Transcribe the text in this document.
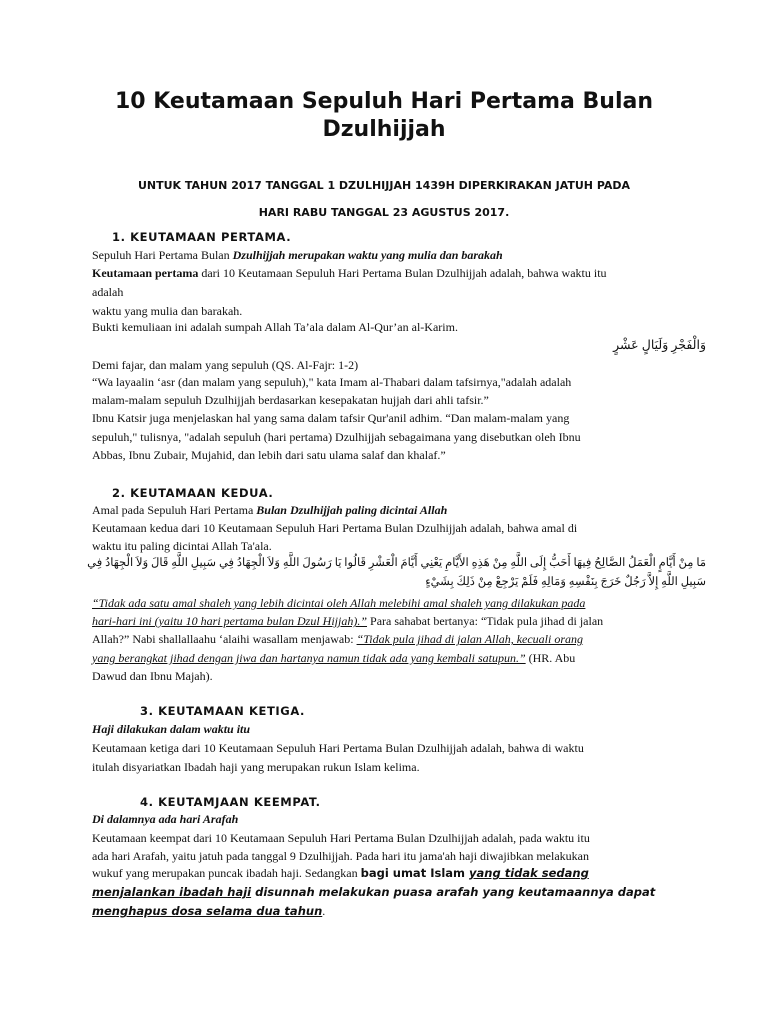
10 Keutamaan Sepuluh Hari Pertama Bulan
Dzulhijjah
UNTUK TAHUN 2017 TANGGAL 1 DZULHIJJAH 1439H DIPERKIRAKAN JATUH PADA
HARI RABU TANGGAL 23 AGUSTUS 2017.
1. KEUTAMAAN PERTAMA.
Sepuluh Hari Pertama Bulan Dzulhijjah merupakan waktu yang mulia dan barakah
Keutamaan pertama dari 10 Keutamaan Sepuluh Hari Pertama Bulan Dzulhijjah adalah, bahwa waktu itu
adalah
waktu yang mulia dan barakah.
Bukti kemuliaan ini adalah sumpah Allah Ta’ala dalam Al-Qur’an al-Karim.
وَالْفَجْرِ وَلَيَالٍ عَشْرٍ
Demi fajar, dan malam yang sepuluh (QS. Al-Fajr: 1-2)
“Wa layaalin ‘asr (dan malam yang sepuluh)," kata Imam al-Thabari dalam tafsirnya,"adalah adalah
malam-malam sepuluh Dzulhijjah berdasarkan kesepakatan hujjah dari ahli tafsir.”
Ibnu Katsir juga menjelaskan hal yang sama dalam tafsir Qur'anil adhim. “Dan malam-malam yang
sepuluh," tulisnya, "adalah sepuluh (hari pertama) Dzulhijjah sebagaimana yang disebutkan oleh Ibnu
Abbas, Ibnu Zubair, Mujahid, dan lebih dari satu ulama salaf dan khalaf.”
2. KEUTAMAAN KEDUA.
Amal pada Sepuluh Hari Pertama Bulan Dzulhijjah paling dicintai Allah
Keutamaan kedua dari 10 Keutamaan Sepuluh Hari Pertama Bulan Dzulhijjah adalah, bahwa amal di
waktu itu paling dicintai Allah Ta'ala.
مَا مِنْ أَيَّامٍ الْعَمَلُ الصَّالِحُ فِيهَا أَحَبُّ إِلَى اللَّهِ مِنْ هَذِهِ الأَيَّامِ يَعْنِي أَيَّامَ الْعَشْرِ قَالُوا يَا رَسُولَ اللَّهِ وَلاَ الْجِهَادُ فِي سَبِيلِ اللَّهِ قَالَ وَلاَ الْجِهَادُ فِي
سَبِيلِ اللَّهِ إِلاَّ رَجُلٌ خَرَجَ بِنَفْسِهِ وَمَالِهِ فَلَمْ يَرْجِعْ مِنْ ذَلِكَ بِشَيْءٍ
“Tidak ada satu amal shaleh yang lebih dicintai oleh Allah melebihi amal shaleh yang dilakukan pada
hari-hari ini (yaitu 10 hari pertama bulan Dzul Hijjah).” Para sahabat bertanya: “Tidak pula jihad di jalan
Allah?” Nabi shallallaahu ‘alaihi wasallam menjawab: “Tidak pula jihad di jalan Allah, kecuali orang
yang berangkat jihad dengan jiwa dan hartanya namun tidak ada yang kembali satupun.” (HR. Abu
Dawud dan Ibnu Majah).
3. KEUTAMAAN KETIGA.
Haji dilakukan dalam waktu itu
Keutamaan ketiga dari 10 Keutamaan Sepuluh Hari Pertama Bulan Dzulhijjah adalah, bahwa di waktu
itulah disyariatkan Ibadah haji yang merupakan rukun Islam kelima.
4. KEUTAMJAAN KEEMPAT.
Di dalamnya ada hari Arafah
Keutamaan keempat dari 10 Keutamaan Sepuluh Hari Pertama Bulan Dzulhijjah adalah, pada waktu itu
ada hari Arafah, yaitu jatuh pada tanggal 9 Dzulhijjah. Pada hari itu jama'ah haji diwajibkan melakukan
wukuf yang merupakan puncak ibadah haji. Sedangkan bagi umat Islam yang tidak sedang
menjalankan ibadah haji disunnah melakukan puasa arafah yang keutamaannya dapat
menghapus dosa selama dua tahun.
